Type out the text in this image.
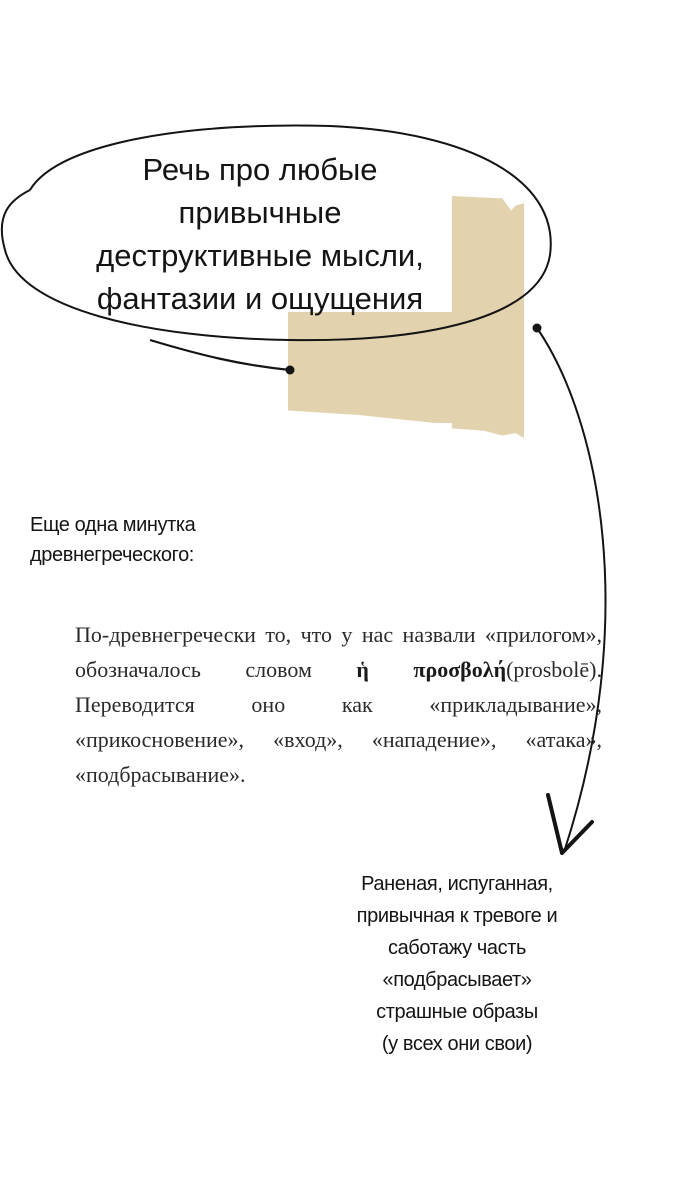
Речь про любые
привычные
деструктивные мысли,
фантазии и ощущения
Еще одна минутка
древнегреческого:
По-древнегречески то, что у нас назвали «прилогом», обозначалось словом ἡ προσβολή(prosbolē). Переводится оно как «прикладывание», «прикосновение», «вход», «нападение», «атака», «подбрасывание».
Раненая, испуганная,
привычная к тревоге и
саботажу часть
«подбрасывает»
страшные образы
(у всех они свои)
